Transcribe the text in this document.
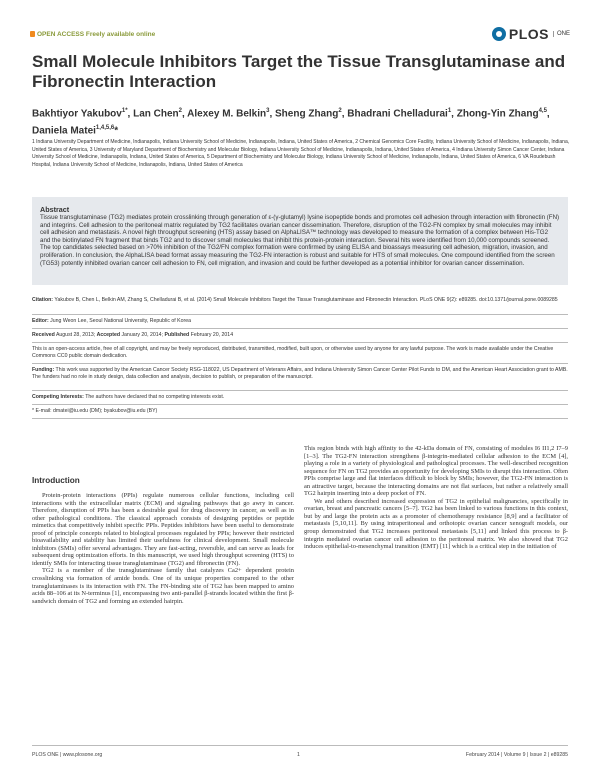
OPEN ACCESS Freely available online	PLOS	ONE
Small Molecule Inhibitors Target the Tissue Transglutaminase and Fibronectin Interaction
Bakhtiyor Yakubov$^{1*}$, Lan Chen$^2$, Alexey M. Belkin$^3$, Sheng Zhang$^2$, Bhadrani Chelladurai$^1$, Zhong-Yin Zhang$^{4,5}$, Daniela Matei$^{1,4,5,6}$*
1 Indiana University Department of Medicine, Indianapolis, Indiana University School of Medicine, Indianapolis, Indiana, United States of America, 2 Chemical Genomics Core Facility, Indiana University School of Medicine, Indianapolis, Indiana, United States of America, 3 University of Maryland Department of Biochemistry and Molecular Biology, Indiana University School of Medicine, Indianapolis, Indiana, United States of America, 4 Indiana University Simon Cancer Center, Indiana University School of Medicine, Indianapolis, Indiana, United States of America, 5 Department of Biochemistry and Molecular Biology, Indiana University School of Medicine, Indianapolis, Indiana, United States of America, 6 VA Roudebush Hospital, Indiana University School of Medicine, Indianapolis, Indiana, United States of America
Abstract
Tissue transglutaminase (TG2) mediates protein crosslinking through generation of ε-(γ-glutamyl) lysine isopeptide bonds and promotes cell adhesion through interaction with fibronectin (FN) and integrins. Cell adhesion to the peritoneal matrix regulated by TG2 facilitates ovarian cancer dissemination. Therefore, disruption of the TG2-FN complex by small molecules may inhibit cell adhesion and metastasis. A novel high throughput screening (HTS) assay based on AlphaLISA™ technology was developed to measure the formation of a complex between His-TG2 and the biotinylated FN fragment that binds TG2 and to discover small molecules that inhibit this protein-protein interaction. Several hits were identified from 10,000 compounds screened. The top candidates selected based on >70% inhibition of the TG2/FN complex formation were confirmed by using ELISA and bioassays measuring cell adhesion, migration, invasion, and proliferation. In conclusion, the AlphaLISA bead format assay measuring the TG2-FN interaction is robust and suitable for HTS of small molecules. One compound identified from the screen (TG53) potently inhibited ovarian cancer cell adhesion to FN, cell migration, and invasion and could be further developed as a potential inhibitor for ovarian cancer dissemination.
Citation: Yakubov B, Chen L, Belkin AM, Zhang S, Chelladurai B, et al. (2014) Small Molecule Inhibitors Target the Tissue Transglutaminase and Fibronectin Interaction. PLoS ONE 9(2): e89285. doi:10.1371/journal.pone.0089285
Editor: Jung Weon Lee, Seoul National University, Republic of Korea
Received August 28, 2013; Accepted January 20, 2014; Published February 20, 2014
This is an open-access article, free of all copyright, and may be freely reproduced, distributed, transmitted, modified, built upon, or otherwise used by anyone for any lawful purpose. The work is made available under the Creative Commons CC0 public domain dedication.
Funding: This work was supported by the American Cancer Society RSG-118022, US Department of Veterans Affairs, and Indiana University Simon Cancer Center Pilot Funds to DM, and the American Heart Association grant to AMB. The funders had no role in study design, data collection and analysis, decision to publish, or preparation of the manuscript.
Competing Interests: The authors have declared that no competing interests exist.
* E-mail: dmatei@iu.edu (DM); byakubov@iu.edu (BY)
Introduction

Protein-protein interactions (PPIs) regulate numerous cellular functions, including cell interactions with the extracellular matrix (ECM) and signaling pathways that go awry in cancer. Therefore, disruption of PPIs has been a desirable goal for drug discovery in cancer, as well as in other pathological conditions. The classical approach consists of designing peptides or peptide mimetics that competitively inhibit specific PPIs. Peptides inhibitors have been useful to demonstrate proof of principle concepts related to biological processes regulated by PPIs; however their restricted bioavailability and stability has limited their usefulness for clinical development. Small molecule inhibitors (SMIs) offer several advantages. They are fast-acting, reversible, and can serve as leads for subsequent drug optimization efforts. In this manuscript, we used high throughput screening (HTS) to identify SMIs for interacting tissue transglutaminase (TG2) and fibronectin (FN).

TG2 is a member of the transglutaminase family that catalyzes Ca2+ dependent protein crosslinking via formation of amide bonds. One of its unique properties compared to the other transglutaminases is its interaction with FN. The FN-binding site of TG2 has been mapped to amino acids 88–106 at its N-terminus [1], encompassing two anti-parallel β-strands located within the first β-sandwich domain of TG2 and forming an extended hairpin.

This region binds with high affinity to the 42-kDa domain of FN, consisting of modules I6 II1,2 I7–9 [1–3]. The TG2-FN interaction strengthens β-integrin-mediated cellular adhesion to the ECM [4], playing a role in a variety of physiological and pathological processes. The well-described recognition sequence for FN on TG2 provides an opportunity for developing SMIs to disrupt this interaction. Often PPIs comprise large and flat interfaces difficult to block by SMIs; however, the TG2-FN interaction is an attractive target, because the interacting domains are not flat surfaces, but rather a relatively small TG2 hairpin inserting into a deep pocket of FN.

We and others described increased expression of TG2 in epithelial malignancies, specifically in ovarian, breast and pancreatic cancers [5–7]. TG2 has been linked to various functions in this context, but by and large the protein acts as a promoter of chemotherapy resistance [8,9] and a facilitator of metastasis [5,10,11]. By using intraperitoneal and orthotopic ovarian cancer xenograft models, our group demonstrated that TG2 increases peritoneal metastasis [5,11] and linked this process to β-integrin mediated ovarian cancer cell adhesion to the peritoneal matrix. We also showed that TG2 induces epithelial-to-mesenchymal transition (EMT) [11] which is a critical step in the initiation of

PLOS ONE | www.plosone.org	1	February 2014 | Volume 9 | Issue 2 | e89285
